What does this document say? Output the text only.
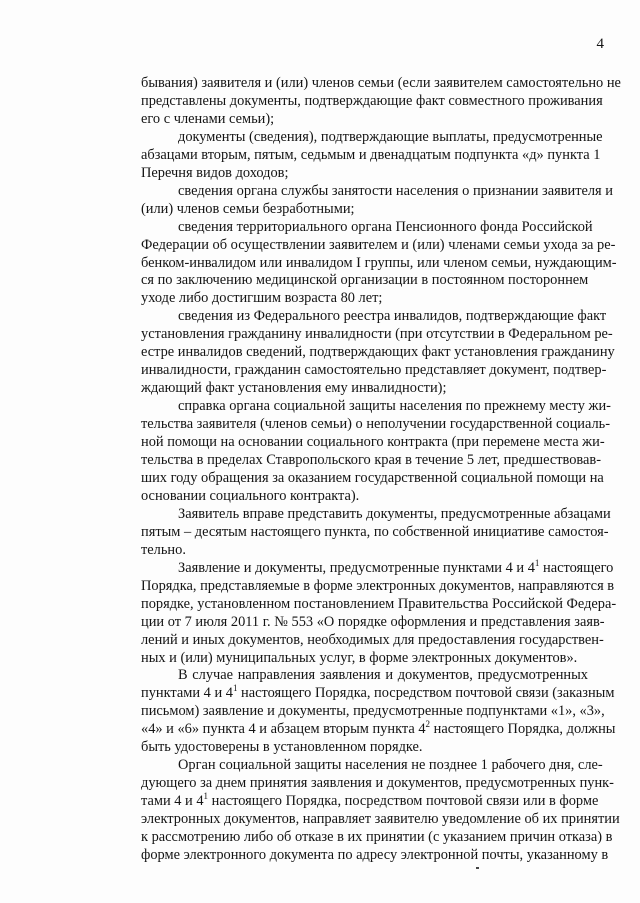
4
бывания) заявителя и (или) членов семьи (если заявителем самостоятельно не
представлены документы, подтверждающие факт совместного проживания
его с членами семьи);
документы (сведения), подтверждающие выплаты, предусмотренные
абзацами вторым, пятым, седьмым и двенадцатым подпункта «д» пункта 1
Перечня видов доходов;
сведения органа службы занятости населения о признании заявителя и
(или) членов семьи безработными;
сведения территориального органа Пенсионного фонда Российской
Федерации об осуществлении заявителем и (или) членами семьи ухода за ре-
бенком-инвалидом или инвалидом I группы, или членом семьи, нуждающим-
ся по заключению медицинской организации в постоянном постороннем
уходе либо достигшим возраста 80 лет;
сведения из Федерального реестра инвалидов, подтверждающие факт
установления гражданину инвалидности (при отсутствии в Федеральном ре-
естре инвалидов сведений, подтверждающих факт установления гражданину
инвалидности, гражданин самостоятельно представляет документ, подтвер-
ждающий факт установления ему инвалидности);
справка органа социальной защиты населения по прежнему месту жи-
тельства заявителя (членов семьи) о неполучении государственной социаль-
ной помощи на основании социального контракта (при перемене места жи-
тельства в пределах Ставропольского края в течение 5 лет, предшествовав-
ших году обращения за оказанием государственной социальной помощи на
основании социального контракта).
Заявитель вправе представить документы, предусмотренные абзацами
пятым – десятым настоящего пункта, по собственной инициативе самостоя-
тельно.
Заявление и документы, предусмотренные пунктами 4 и $4^1$ настоящего
Порядка, представляемые в форме электронных документов, направляются в
порядке, установленном постановлением Правительства Российской Федера-
ции от 7 июля 2011 г. № 553 «О порядке оформления и представления заяв-
лений и иных документов, необходимых для предоставления государствен-
ных и (или) муниципальных услуг, в форме электронных документов».
В случае направления заявления и документов, предусмотренных
пунктами 4 и $4^1$ настоящего Порядка, посредством почтовой связи (заказным
письмом) заявление и документы, предусмотренные подпунктами «1», «3»,
«4» и «6» пункта 4 и абзацем вторым пункта $4^2$ настоящего Порядка, должны
быть удостоверены в установленном порядке.
Орган социальной защиты населения не позднее 1 рабочего дня, сле-
дующего за днем принятия заявления и документов, предусмотренных пунк-
тами 4 и $4^1$ настоящего Порядка, посредством почтовой связи или в форме
электронных документов, направляет заявителю уведомление об их принятии
к рассмотрению либо об отказе в их принятии (с указанием причин отказа) в
форме электронного документа по адресу электронной почты, указанному в
